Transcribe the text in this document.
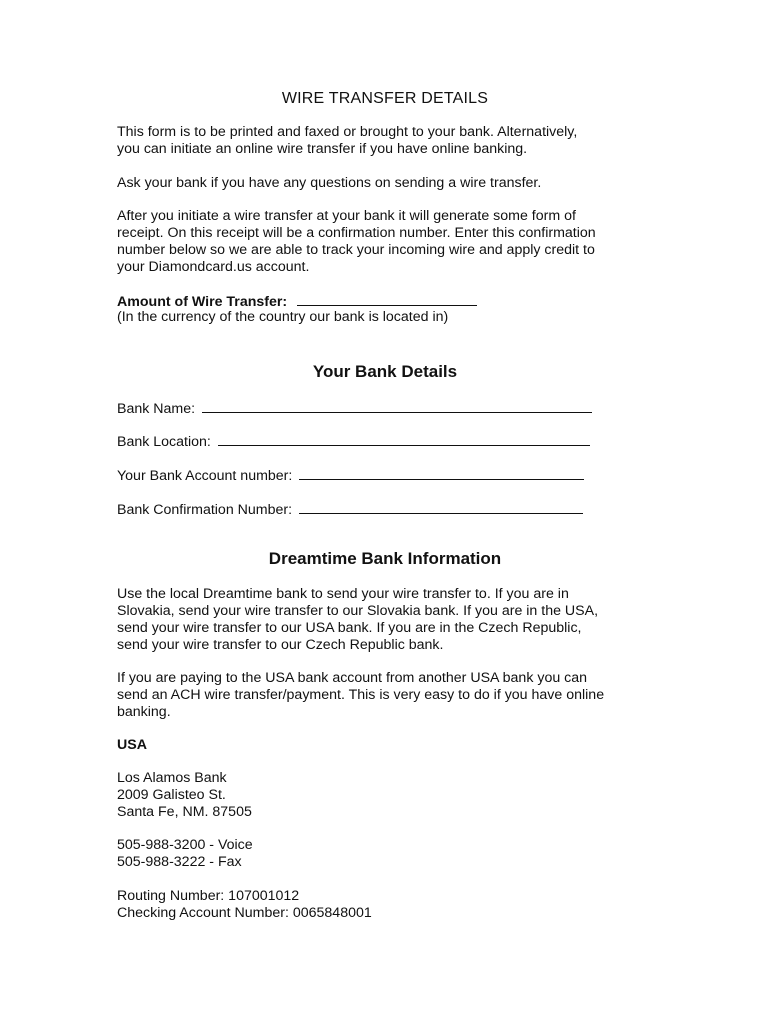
WIRE TRANSFER DETAILS

This form is to be printed and faxed or brought to your bank. Alternatively,
you can initiate an online wire transfer if you have online banking.

Ask your bank if you have any questions on sending a wire transfer.

After you initiate a wire transfer at your bank it will generate some form of
receipt. On this receipt will be a confirmation number. Enter this confirmation
number below so we are able to track your incoming wire and apply credit to
your Diamondcard.us account.

Amount of Wire Transfer:
(In the currency of the country our bank is located in)
Your Bank Details
Bank Name:
Bank Location:
Your Bank Account number:
Bank Confirmation Number:
Dreamtime Bank Information

Use the local Dreamtime bank to send your wire transfer to. If you are in
Slovakia, send your wire transfer to our Slovakia bank. If you are in the USA,
send your wire transfer to our USA bank. If you are in the Czech Republic,
send your wire transfer to our Czech Republic bank.

If you are paying to the USA bank account from another USA bank you can
send an ACH wire transfer/payment. This is very easy to do if you have online
banking.

USA

Los Alamos Bank
2009 Galisteo St.
Santa Fe, NM. 87505

505-988-3200 - Voice
505-988-3222 - Fax

Routing Number: 107001012
Checking Account Number: 0065848001
